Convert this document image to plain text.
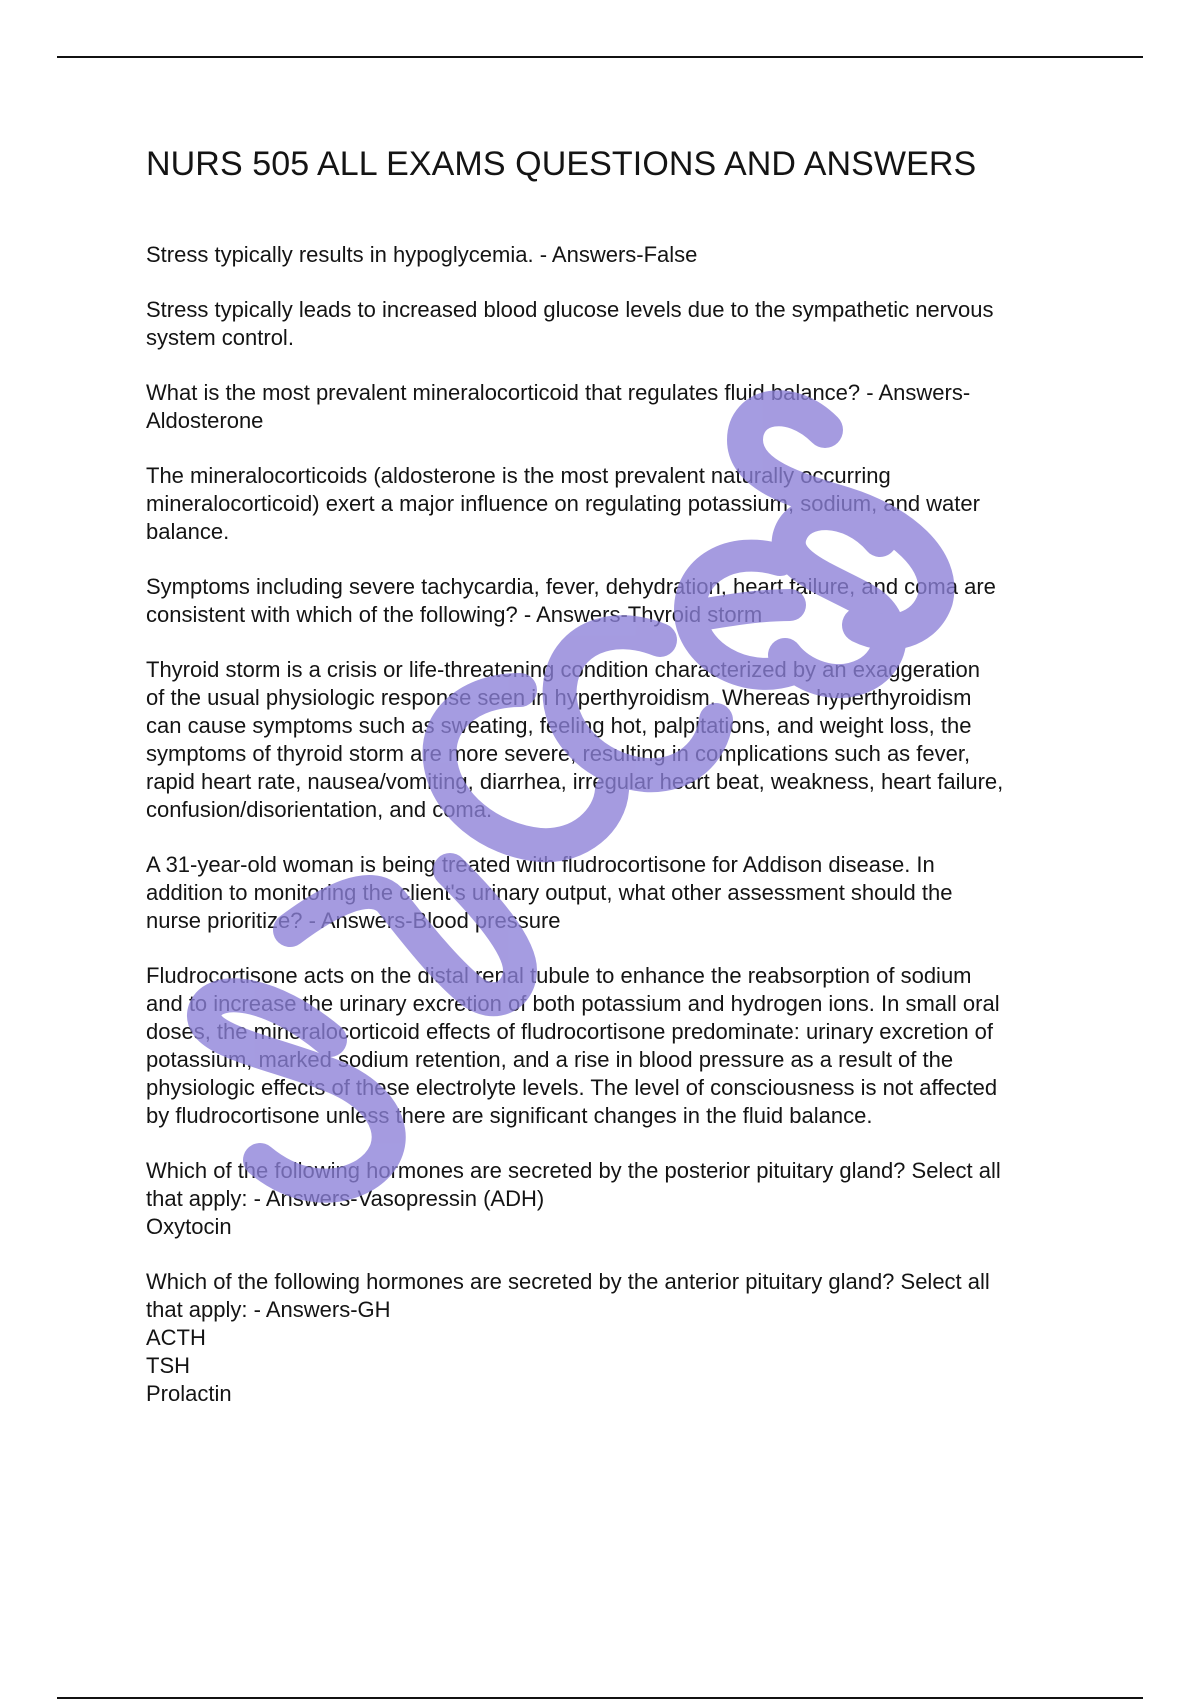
NURS 505 ALL EXAMS QUESTIONS AND ANSWERS
Stress typically results in hypoglycemia. - Answers-False
Stress typically leads to increased blood glucose levels due to the sympathetic nervous
system control.
What is the most prevalent mineralocorticoid that regulates fluid balance? - Answers-
Aldosterone
The mineralocorticoids (aldosterone is the most prevalent naturally occurring
mineralocorticoid) exert a major influence on regulating potassium, sodium, and water
balance.
Symptoms including severe tachycardia, fever, dehydration, heart failure, and coma are
consistent with which of the following? - Answers-Thyroid storm
Thyroid storm is a crisis or life-threatening condition characterized by an exaggeration
of the usual physiologic response seen in hyperthyroidism. Whereas hyperthyroidism
can cause symptoms such as sweating, feeling hot, palpitations, and weight loss, the
symptoms of thyroid storm are more severe, resulting in complications such as fever,
rapid heart rate, nausea/vomiting, diarrhea, irregular heart beat, weakness, heart failure,
confusion/disorientation, and coma.
A 31-year-old woman is being treated with fludrocortisone for Addison disease. In
addition to monitoring the client's urinary output, what other assessment should the
nurse prioritize? - Answers-Blood pressure
Fludrocortisone acts on the distal renal tubule to enhance the reabsorption of sodium
and to increase the urinary excretion of both potassium and hydrogen ions. In small oral
doses, the mineralocorticoid effects of fludrocortisone predominate: urinary excretion of
potassium, marked sodium retention, and a rise in blood pressure as a result of the
physiologic effects of these electrolyte levels. The level of consciousness is not affected
by fludrocortisone unless there are significant changes in the fluid balance.
Which of the following hormones are secreted by the posterior pituitary gland? Select all
that apply: - Answers-Vasopressin (ADH)
Oxytocin
Which of the following hormones are secreted by the anterior pituitary gland? Select all
that apply: - Answers-GH
ACTH
TSH
Prolactin
